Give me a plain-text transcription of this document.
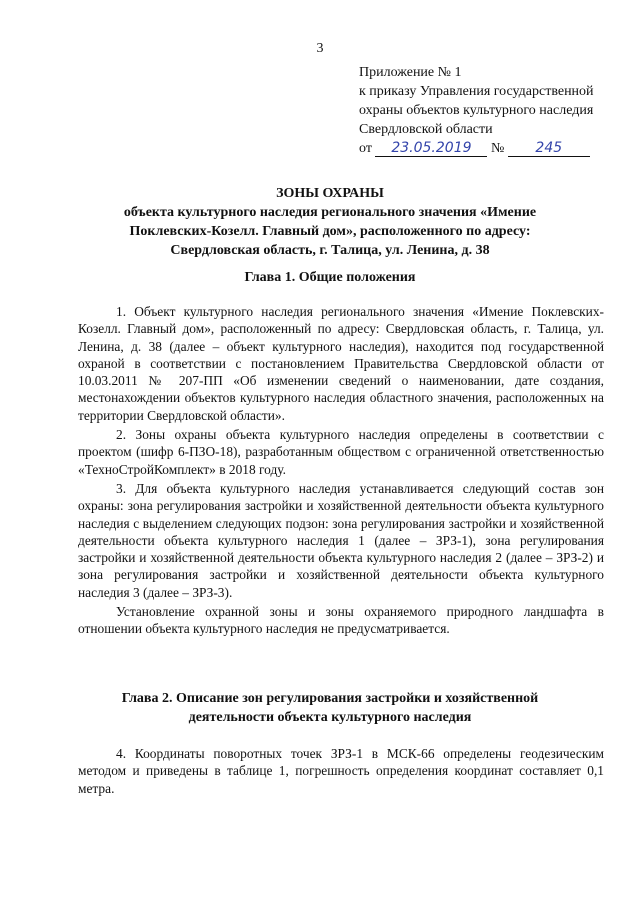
3
Приложение № 1
к приказу Управления государственной
охраны объектов культурного наследия
Свердловской области
от 23.05.2019 № 245
ЗОНЫ ОХРАНЫ
объекта культурного наследия регионального значения «Имение
Поклевских-Козелл. Главный дом», расположенного по адресу:
Свердловская область, г. Талица, ул. Ленина, д. 38
Глава 1. Общие положения

1. Объект культурного наследия регионального значения «Имение Поклевских-Козелл. Главный дом», расположенный по адресу: Свердловская область, г. Талица, ул. Ленина, д. 38 (далее – объект культурного наследия), находится под государственной охраной в соответствии с постановлением Правительства Свердловской области от 10.03.2011 № 207-ПП «Об изменении сведений о наименовании, дате создания, местонахождении объектов культурного наследия областного значения, расположенных на территории Свердловской области».

2. Зоны охраны объекта культурного наследия определены в соответствии с проектом (шифр 6-ПЗО-18), разработанным обществом с ограниченной ответственностью «ТехноСтройКомплект» в 2018 году.

3. Для объекта культурного наследия устанавливается следующий состав зон охраны: зона регулирования застройки и хозяйственной деятельности объекта культурного наследия с выделением следующих подзон: зона регулирования застройки и хозяйственной деятельности объекта культурного наследия 1 (далее – ЗРЗ-1), зона регулирования застройки и хозяйственной деятельности объекта культурного наследия 2 (далее – ЗРЗ-2) и зона регулирования застройки и хозяйственной деятельности объекта культурного наследия 3 (далее – ЗРЗ-3).

Установление охранной зоны и зоны охраняемого природного ландшафта в отношении объекта культурного наследия не предусматривается.

Глава 2. Описание зон регулирования застройки и хозяйственной
деятельности объекта культурного наследия

4. Координаты поворотных точек ЗРЗ-1 в МСК-66 определены геодезическим методом и приведены в таблице 1, погрешность определения координат составляет 0,1 метра.
